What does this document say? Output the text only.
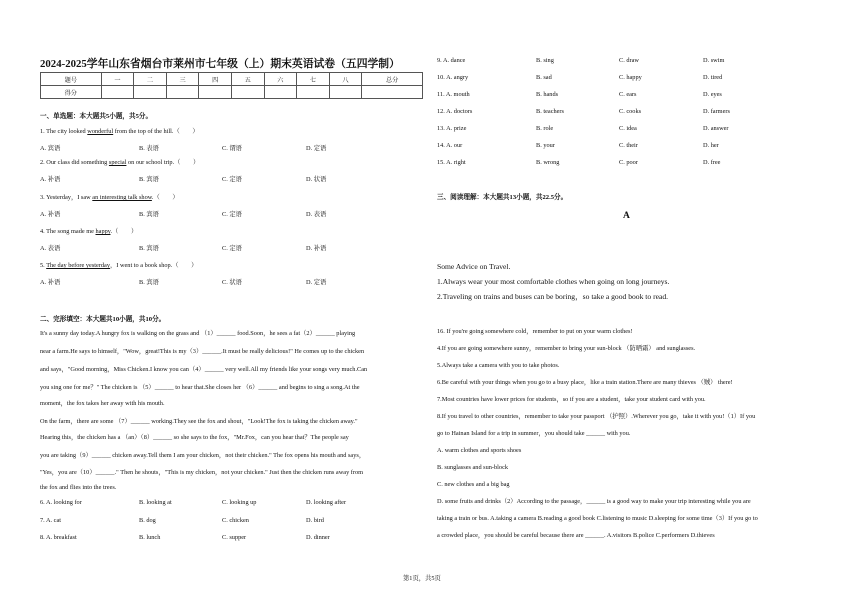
2024-2025学年山东省烟台市莱州市七年级（上）期末英语试卷（五四学制）
题号	一	二	三	四	五	六	七	八	总分
得分									
一、单选题：本大题共5小题，共5分。
1. The city looked wonderful from the top of the hill.（　　）
A. 宾语	B. 表语	C. 谓语	D. 定语
2. Our class did something special on our school trip.（　　）
A. 补语	B. 宾语	C. 定语	D. 状语
3. Yesterday，I saw an interesting talk show.（　　）
A. 补语	B. 宾语	C. 定语	D. 表语
4. The song made me happy.（　　）
A. 表语	B. 宾语	C. 定语	D. 补语
5. The day before yesterday，I went to a book shop.（　　）
A. 补语	B. 宾语	C. 状语	D. 定语
二、完形填空：本大题共10小题，共10分。
It's a sunny day today.A hungry fox is walking on the grass and （1）______ food.Soon，he sees a fat（2）______ playing
near a farm.He says to himself，"Wow，great!This is my（3）______.It must be really delicious!" He comes up to the chicken
and says，"Good morning，Miss Chicken.I know you can（4）______ very well.All my friends like your songs very much.Can
you sing one for me？" The chicken is （5）______ to hear that.She closes her （6）______ and begins to sing a song.At the
moment，the fox takes her away with his mouth.
On the farm，there are some （7）______ working.They see the fox and shout，"Look!The fox is taking the chicken away."
Hearing this，the chicken has a （an）（8）______ so she says to the fox，"Mr.Fox，can you hear that？The people say
you are taking（9）______ chicken away.Tell them I am your chicken，not their chicken." The fox opens his mouth and says，
"Yes，you are（10）______." Then he shouts，"This is my chicken，not your chicken." Just then the chicken runs away from
the fox and flies into the trees.
6. A. looking for	B. looking at	C. looking up	D. looking after
7. A. cat	B. dog	C. chicken	D. bird
8. A. breakfast	B. lunch	C. supper	D. dinner
9. A. dance	B. sing	C. draw	D. swim
10. A. angry	B. sad	C. happy	D. tired
11. A. mouth	B. hands	C. ears	D. eyes
12. A. doctors	B. teachers	C. cooks	D. farmers
13. A. prize	B. role	C. idea	D. answer
14. A. our	B. your	C. their	D. her
15. A. right	B. wrong	C. poor	D. free
三、阅读理解：本大题共13小题，共22.5分。
A
Some Advice on Travel.
1.Always wear your most comfortable clothes when going on long journeys.
2.Traveling on trains and buses can be boring，so take a good book to read.
16. If you're going somewhere cold，remember to put on your warm clothes!
4.If you are going somewhere sunny，remember to bring your sun-block （防晒霜） and sunglasses.
5.Always take a camera with you to take photos.
6.Be careful with your things when you go to a busy place，like a train station.There are many thieves （贼） there!
7.Most countries have lower prices for students，so if you are a student，take your student card with you.
8.If you travel to other countries，remember to take your passport （护照）.Wherever you go，take it with you!（1）If you
go to Hainan Island for a trip in summer，you should take ______ with you.
A. warm clothes and sports shoes
B. sunglasses and sun-block
C. new clothes and a big bag
D. some fruits and drinks（2）According to the passage，______ is a good way to make your trip interesting while you are
taking a train or bus. A.taking a camera B.reading a good book C.listening to music D.sleeping for some time（3）If you go to
a crowded place，you should be careful because there are ______. A.visitors B.police C.performers D.thieves
第1页，共5页
